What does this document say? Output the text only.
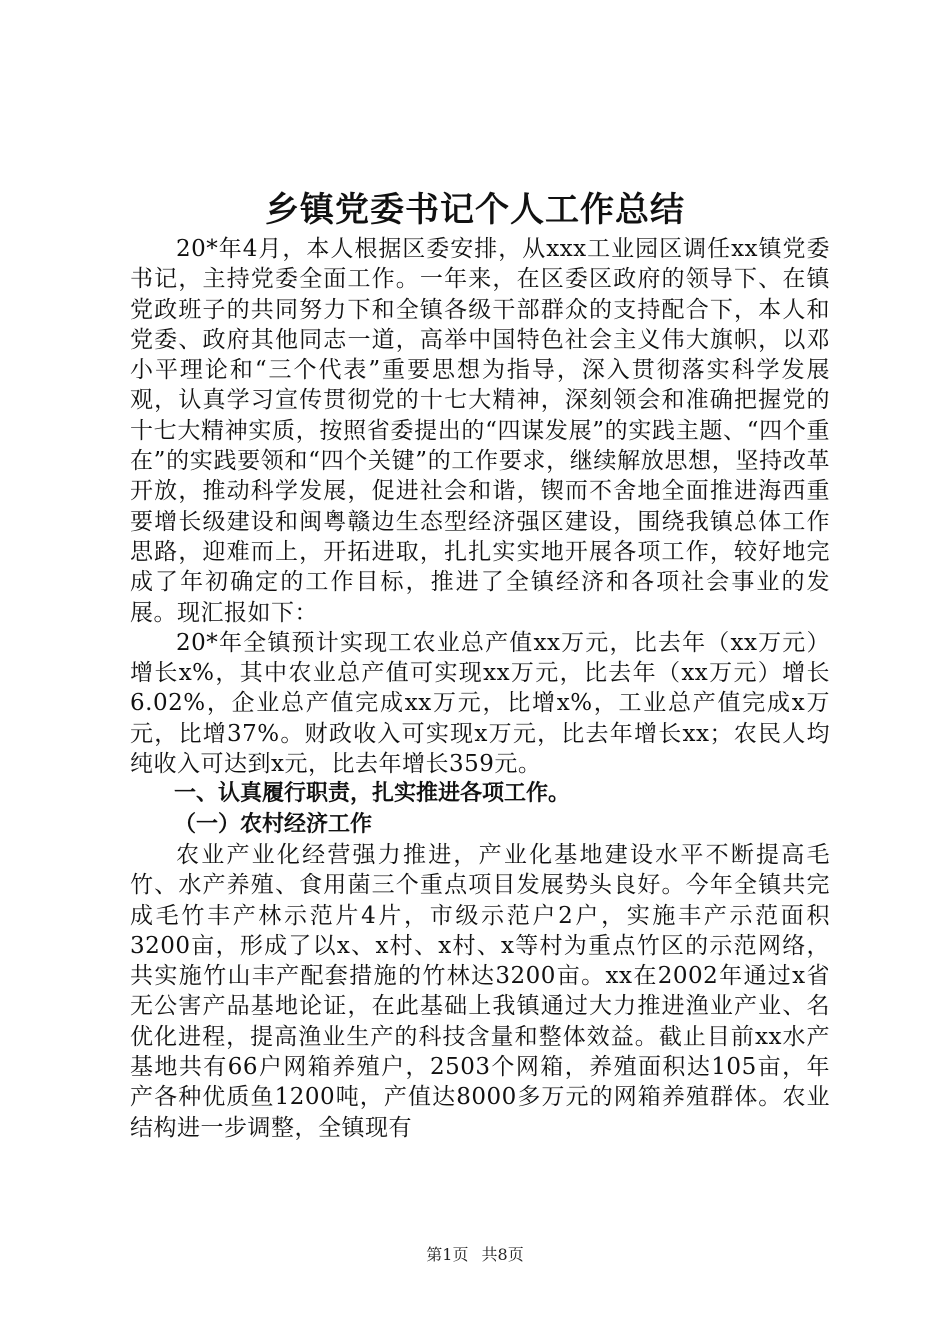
乡镇党委书记个人工作总结

20*年4月，本人根据区委安排，从xxx工业园区调任xx镇党委书记，主持党委全面工作。一年来，在区委区政府的领导下、在镇党政班子的共同努力下和全镇各级干部群众的支持配合下，本人和党委、政府其他同志一道，高举中国特色社会主义伟大旗帜，以邓小平理论和“三个代表”重要思想为指导，深入贯彻落实科学发展观，认真学习宣传贯彻党的十七大精神，深刻领会和准确把握党的十七大精神实质，按照省委提出的“四谋发展”的实践主题、“四个重在”的实践要领和“四个关键”的工作要求，继续解放思想，坚持改革开放，推动科学发展，促进社会和谐，锲而不舍地全面推进海西重要增长级建设和闽粤赣边生态型经济强区建设，围绕我镇总体工作思路，迎难而上，开拓进取，扎扎实实地开展各项工作，较好地完成了年初确定的工作目标，推进了全镇经济和各项社会事业的发展。现汇报如下：

20*年全镇预计实现工农业总产值xx万元，比去年（xx万元）增长x%，其中农业总产值可实现xx万元，比去年（xx万元）增长6.02%，企业总产值完成xx万元，比增x%，工业总产值完成x万元，比增37%。财政收入可实现x万元，比去年增长xx；农民人均纯收入可达到x元，比去年增长359元。

一、认真履行职责，扎实推进各项工作。

（一）农村经济工作

农业产业化经营强力推进，产业化基地建设水平不断提高毛竹、水产养殖、食用菌三个重点项目发展势头良好。今年全镇共完成毛竹丰产林示范片4片，市级示范户2户，实施丰产示范面积3200亩，形成了以x、x村、x村、x等村为重点竹区的示范网络，共实施竹山丰产配套措施的竹林达3200亩。xx在2002年通过x省无公害产品基地论证，在此基础上我镇通过大力推进渔业产业、名优化进程，提高渔业生产的科技含量和整体效益。截止目前xx水产基地共有66户网箱养殖户，2503个网箱，养殖面积达105亩，年产各种优质鱼1200吨，产值达8000多万元的网箱养殖群体。农业结构进一步调整，全镇现有

第1页 共8页
